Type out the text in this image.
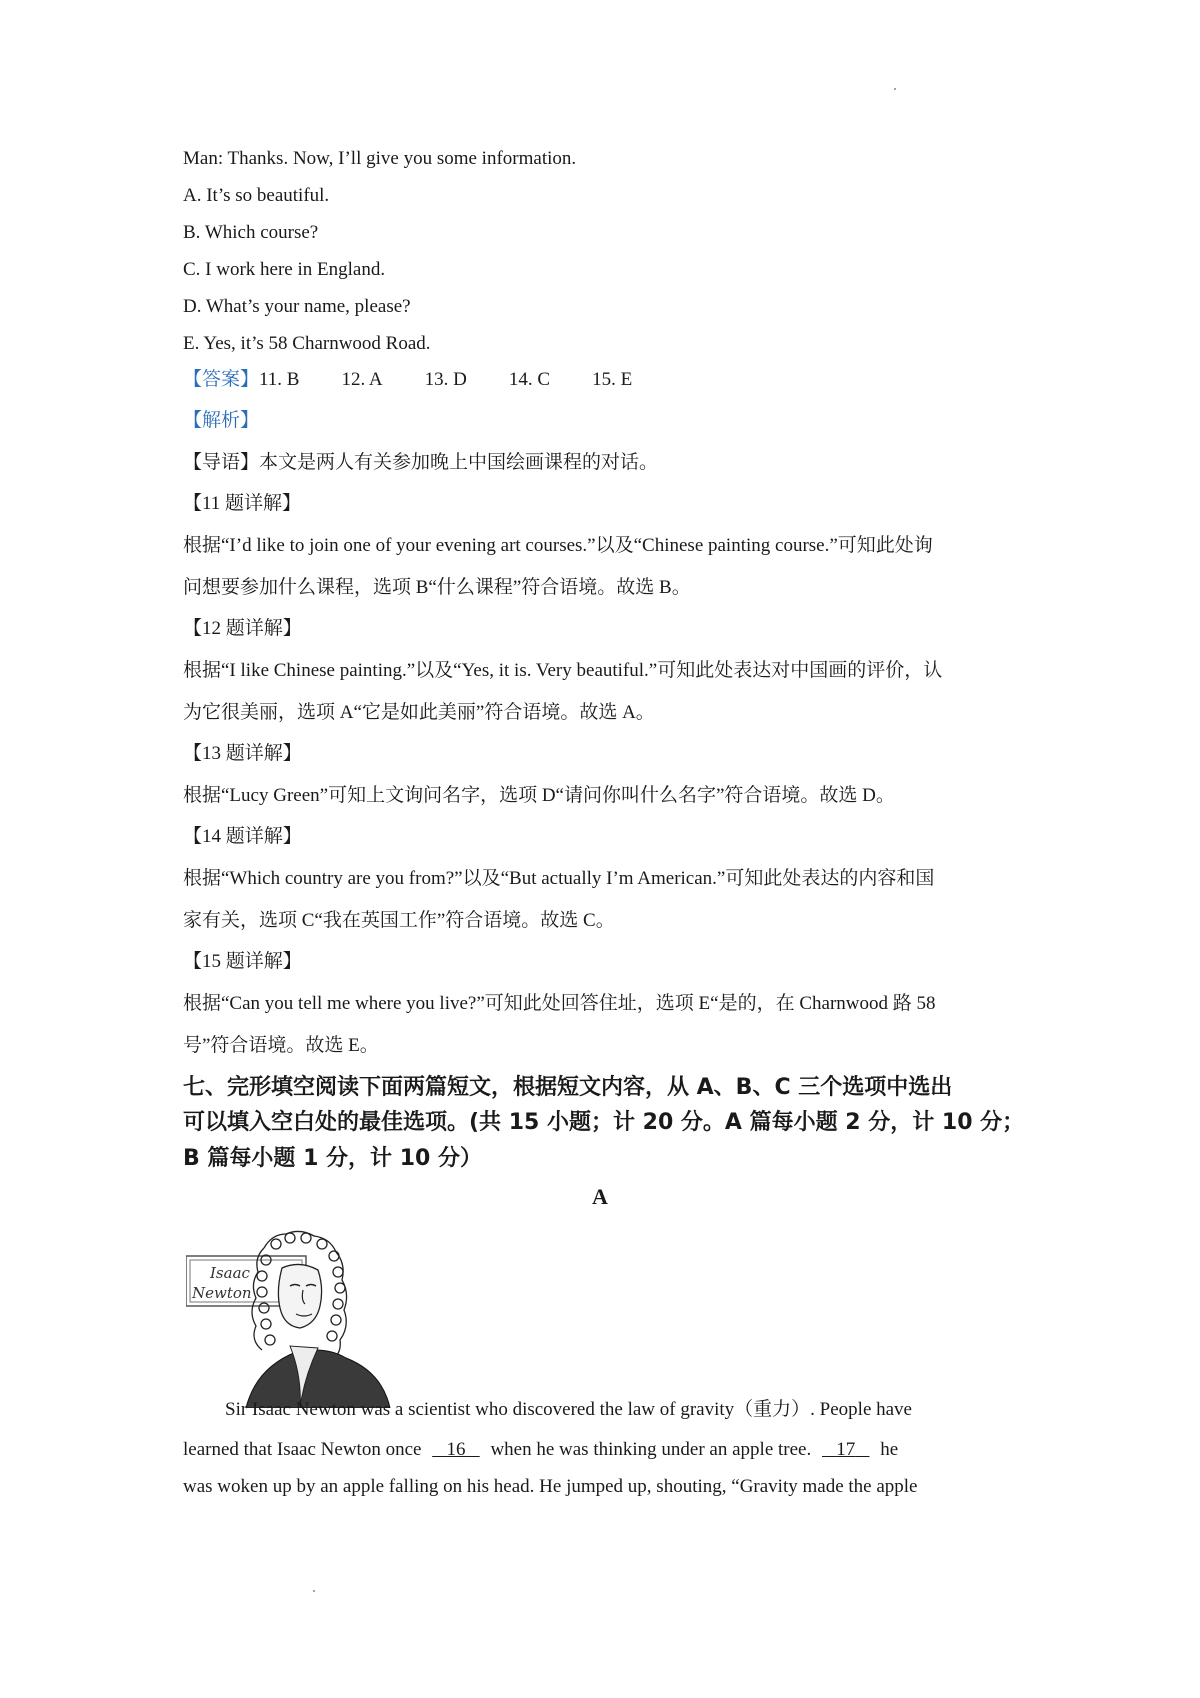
Man: Thanks. Now, I’ll give you some information.
A. It’s so beautiful.
B. Which course?
C. I work here in England.
D. What’s your name, please?
E. Yes, it’s 58 Charnwood Road.
【答案】11. B 12. A 13. D 14. C 15. E
【解析】
【导语】本文是两人有关参加晚上中国绘画课程的对话。
【11 题详解】
根据“I’d like to join one of your evening art courses.”以及“Chinese painting course.”可知此处询
问想要参加什么课程，选项 B“什么课程”符合语境。故选 B。
【12 题详解】
根据“I like Chinese painting.”以及“Yes, it is. Very beautiful.”可知此处表达对中国画的评价，认
为它很美丽，选项 A“它是如此美丽”符合语境。故选 A。
【13 题详解】
根据“Lucy Green”可知上文询问名字，选项 D“请问你叫什么名字”符合语境。故选 D。
【14 题详解】
根据“Which country are you from?”以及“But actually I’m American.”可知此处表达的内容和国
家有关，选项 C“我在英国工作”符合语境。故选 C。
【15 题详解】
根据“Can you tell me where you live?”可知此处回答住址，选项 E“是的，在 Charnwood 路 58
号”符合语境。故选 E。
七、完形填空阅读下面两篇短文，根据短文内容，从 A、B、C 三个选项中选出
可以填入空白处的最佳选项。(共 15 小题；计 20 分。A 篇每小题 2 分，计 10 分；
B 篇每小题 1 分，计 10 分）
A
Isaac
Newton
Sir Isaac Newton was a scientist who discovered the law of gravity（重力）. People have
learned that Isaac Newton once    16    when he was thinking under an apple tree.    17    he
was woken up by an apple falling on his head. He jumped up, shouting, “Gravity made the apple
